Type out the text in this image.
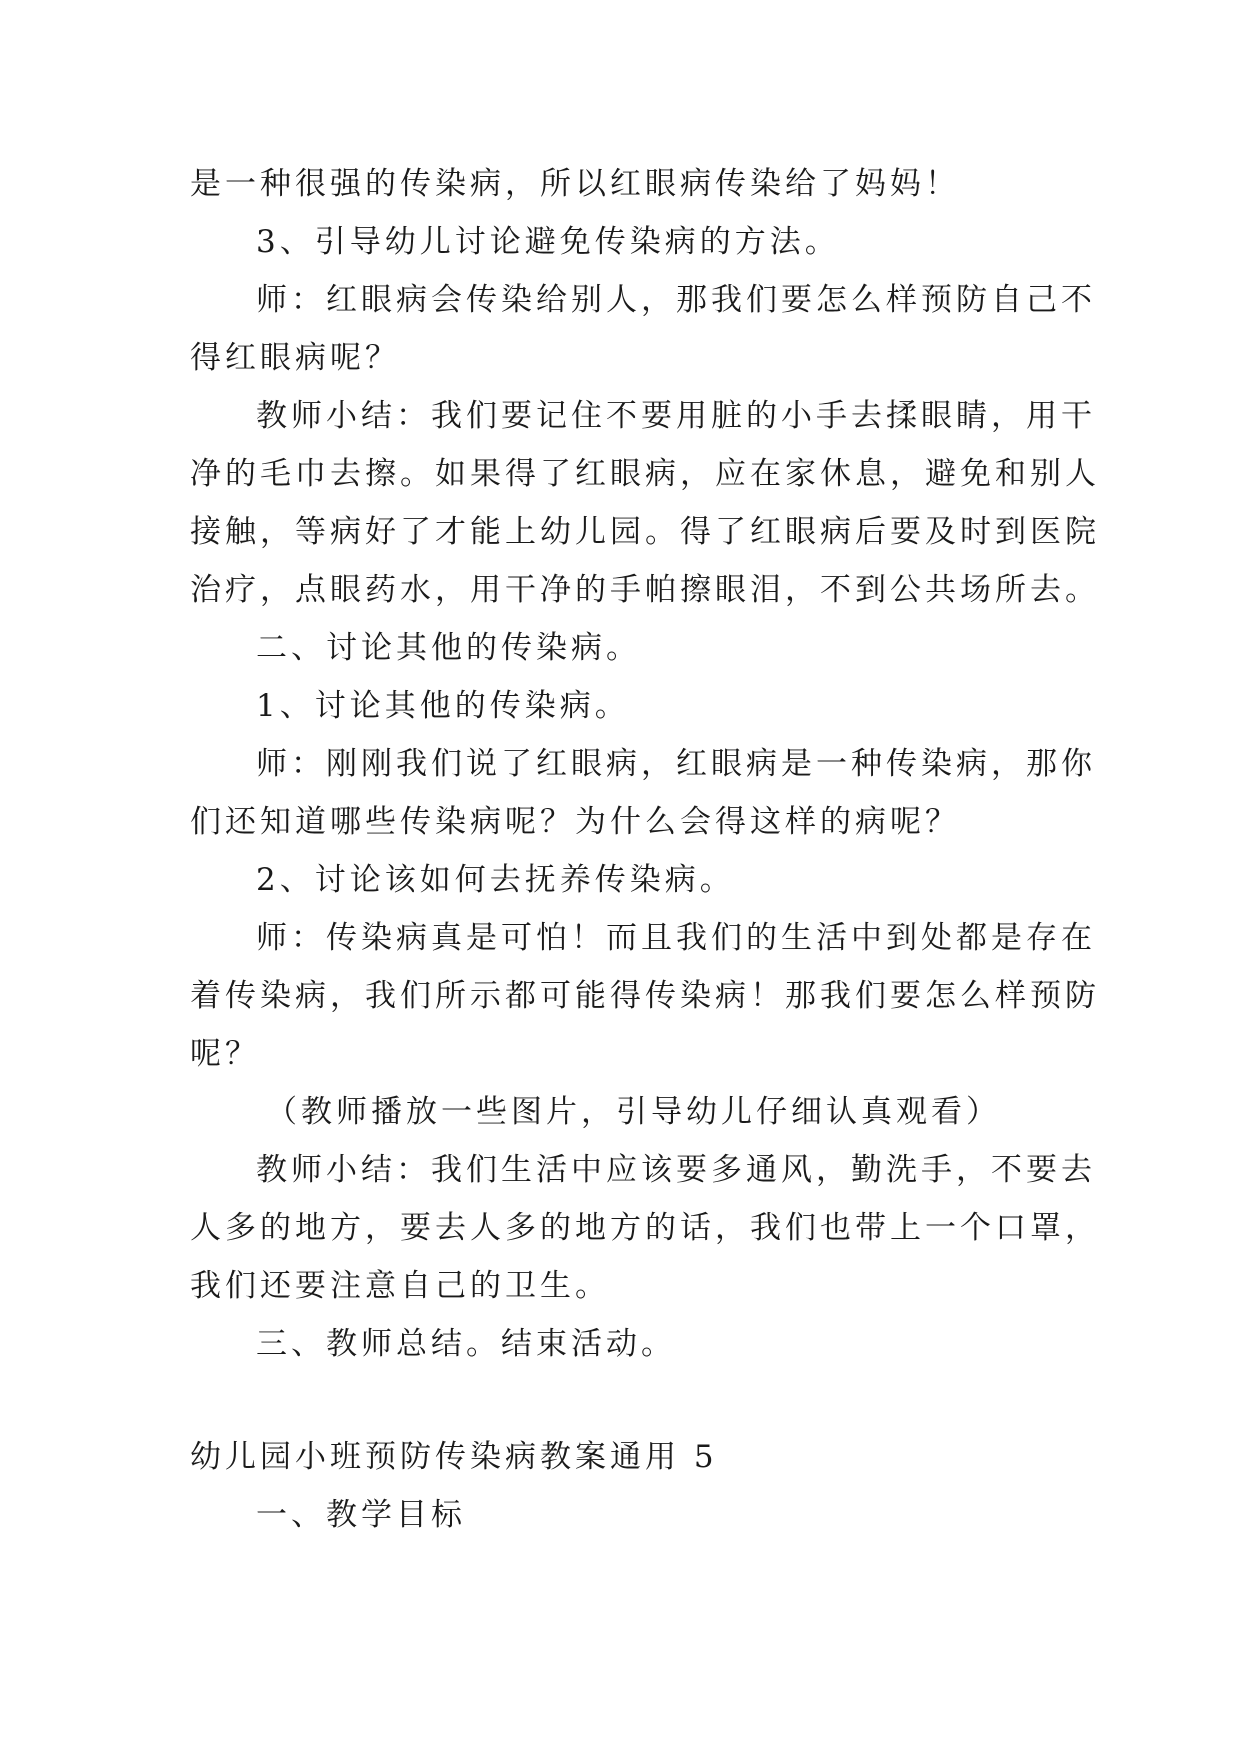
是一种很强的传染病，所以红眼病传染给了妈妈！
3、引导幼儿讨论避免传染病的方法。
师：红眼病会传染给别人，那我们要怎么样预防自己不
得红眼病呢？
教师小结：我们要记住不要用脏的小手去揉眼睛，用干
净的毛巾去擦。如果得了红眼病，应在家休息，避免和别人
接触，等病好了才能上幼儿园。得了红眼病后要及时到医院
治疗，点眼药水，用干净的手帕擦眼泪，不到公共场所去。
二、讨论其他的传染病。
1、讨论其他的传染病。
师：刚刚我们说了红眼病，红眼病是一种传染病，那你
们还知道哪些传染病呢？为什么会得这样的病呢？
2、讨论该如何去抚养传染病。
师：传染病真是可怕！而且我们的生活中到处都是存在
着传染病，我们所示都可能得传染病！那我们要怎么样预防
呢？
（教师播放一些图片，引导幼儿仔细认真观看）
教师小结：我们生活中应该要多通风，勤洗手，不要去
人多的地方，要去人多的地方的话，我们也带上一个口罩，
我们还要注意自己的卫生。
三、教师总结。结束活动。
幼儿园小班预防传染病教案通用 5
一、教学目标
